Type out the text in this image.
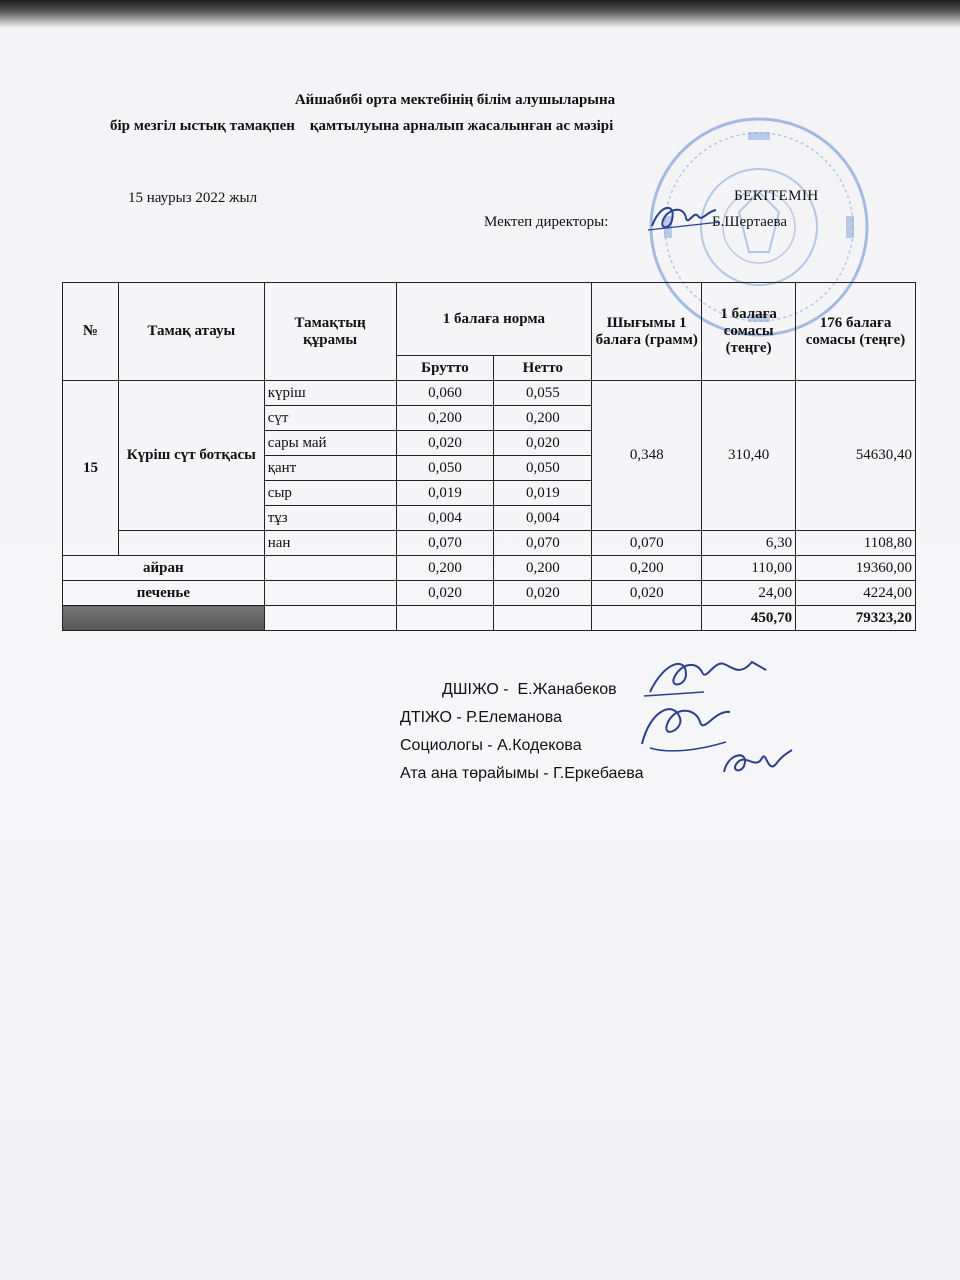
Айшабибі орта мектебінің білім алушыларына
бір мезгіл ыстық тамақпен    қамтылуына арналып жасалынған ас мәзірі
15 наурыз 2022 жыл	БЕКІТЕМІН
Мектеп директоры:	Б.Шертаева
№	Тамақ атауы	Тамақтың құрамы	1 балаға норма		Шығымы 1 балаға (грамм)	1 балаға сомасы (теңге)	176 балаға сомасы (теңге)
			Брутто	Нетто			
15	Күріш сүт ботқасы	күріш	0,060	0,055	0,348	310,40	54630,40
		сүт	0,200	0,200			
		сары май	0,020	0,020			
		қант	0,050	0,050			
		сыр	0,019	0,019			
		тұз	0,004	0,004			
		нан	0,070	0,070	0,070	6,30	1108,80
айран			0,200	0,200	0,200	110,00	19360,00
печенье			0,020	0,020	0,020	24,00	4224,00
						450,70	79323,20
ДШІЖО -  Е.Жанабеков
ДТІЖО - Р.Елеманова
Социологы - А.Кодекова
Ата ана төрайымы - Г.Еркебаева
